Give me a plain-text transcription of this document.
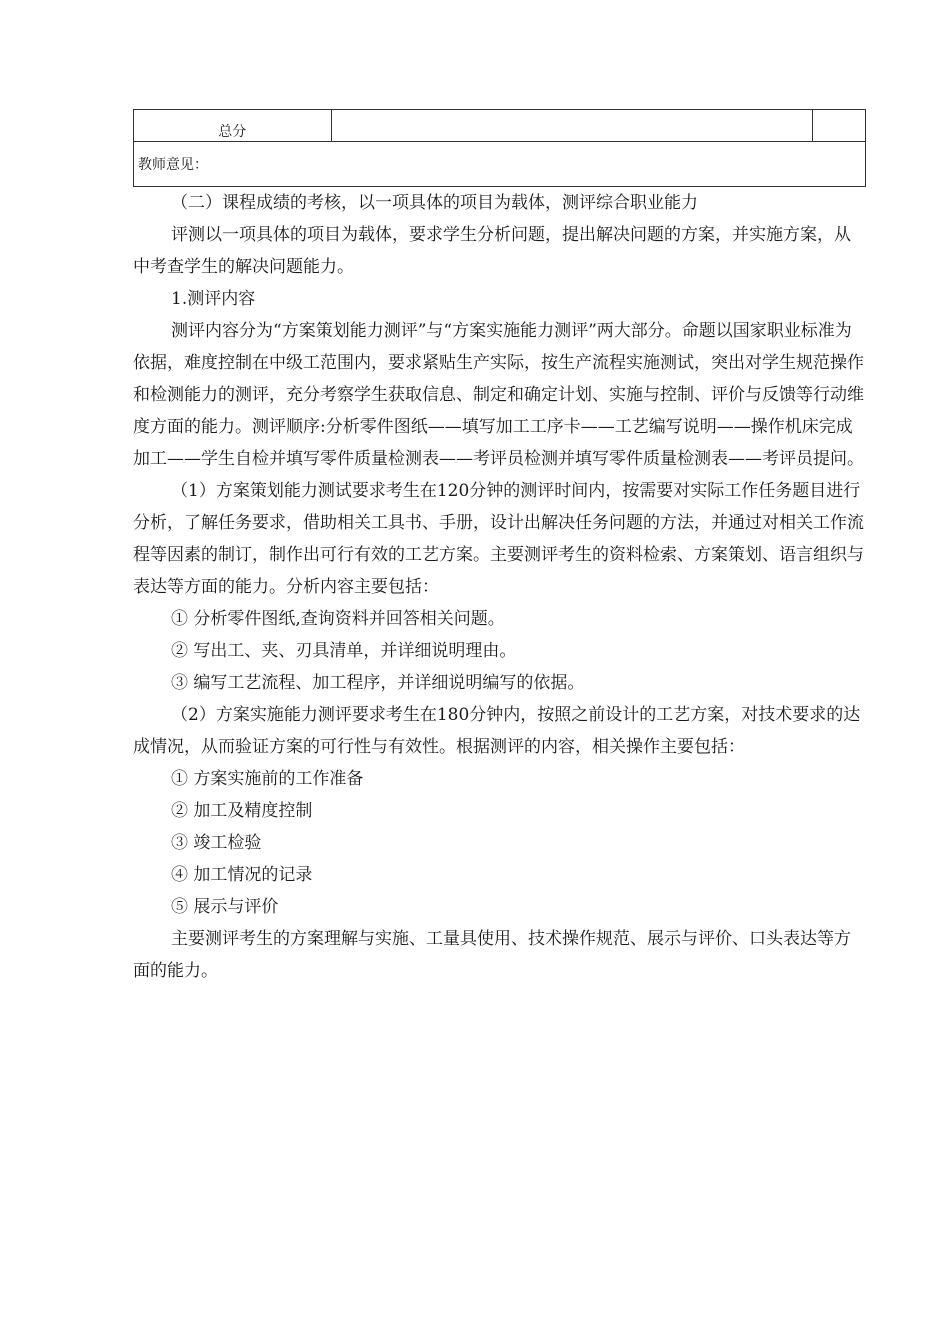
总分		
教师意见：

（二）课程成绩的考核，以一项具体的项目为载体，测评综合职业能力

评测以一项具体的项目为载体，要求学生分析问题，提出解决问题的方案，并实施方案，从中考查学生的解决问题能力。

1.测评内容

测评内容分为“方案策划能力测评”与“方案实施能力测评”两大部分。命题以国家职业标准为依据，难度控制在中级工范围内，要求紧贴生产实际，按生产流程实施测试，突出对学生规范操作和检测能力的测评，充分考察学生获取信息、制定和确定计划、实施与控制、评价与反馈等行动维度方面的能力。测评顺序:分析零件图纸——填写加工工序卡——工艺编写说明——操作机床完成加工——学生自检并填写零件质量检测表——考评员检测并填写零件质量检测表——考评员提问。

（1）方案策划能力测试要求考生在120分钟的测评时间内，按需要对实际工作任务题目进行分析，了解任务要求，借助相关工具书、手册，设计出解决任务问题的方法，并通过对相关工作流程等因素的制订，制作出可行有效的工艺方案。主要测评考生的资料检索、方案策划、语言组织与表达等方面的能力。分析内容主要包括：

① 分析零件图纸,查询资料并回答相关问题。

② 写出工、夹、刃具清单，并详细说明理由。

③ 编写工艺流程、加工程序，并详细说明编写的依据。

（2）方案实施能力测评要求考生在180分钟内，按照之前设计的工艺方案，对技术要求的达成情况，从而验证方案的可行性与有效性。根据测评的内容，相关操作主要包括：

① 方案实施前的工作准备

② 加工及精度控制

③ 竣工检验

④ 加工情况的记录

⑤ 展示与评价

主要测评考生的方案理解与实施、工量具使用、技术操作规范、展示与评价、口头表达等方面的能力。
